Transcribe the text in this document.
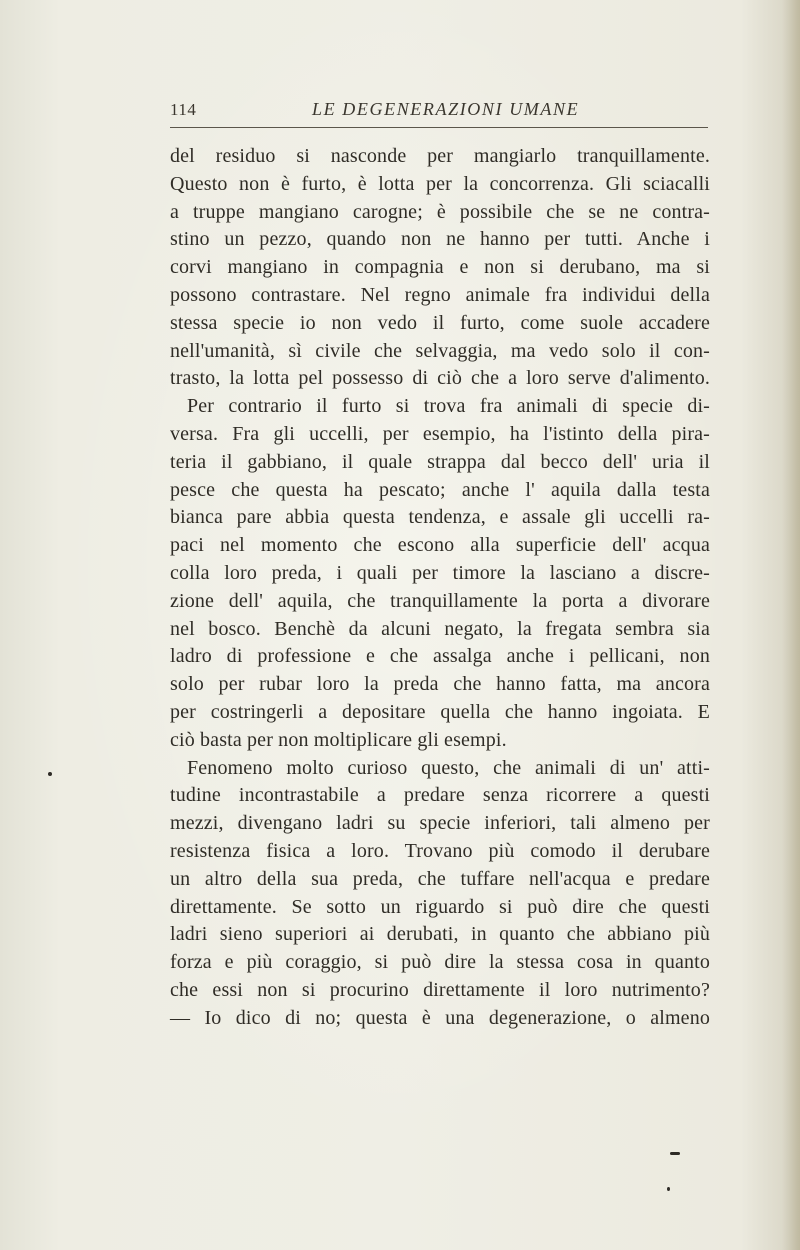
114	LE DEGENERAZIONI UMANE
del residuo si nasconde per mangiarlo tranquillamente.
Questo non è furto, è lotta per la concorrenza. Gli sciacalli
a truppe mangiano carogne; è possibile che se ne contra-
stino un pezzo, quando non ne hanno per tutti. Anche i
corvi mangiano in compagnia e non si derubano, ma si
possono contrastare. Nel regno animale fra individui della
stessa specie io non vedo il furto, come suole accadere
nell'umanità, sì civile che selvaggia, ma vedo solo il con-
trasto, la lotta pel possesso di ciò che a loro serve d'alimento.
Per contrario il furto si trova fra animali di specie di-
versa. Fra gli uccelli, per esempio, ha l'istinto della pira-
teria il gabbiano, il quale strappa dal becco dell' uria il
pesce che questa ha pescato; anche l' aquila dalla testa
bianca pare abbia questa tendenza, e assale gli uccelli ra-
paci nel momento che escono alla superficie dell' acqua
colla loro preda, i quali per timore la lasciano a discre-
zione dell' aquila, che tranquillamente la porta a divorare
nel bosco. Benchè da alcuni negato, la fregata sembra sia
ladro di professione e che assalga anche i pellicani, non
solo per rubar loro la preda che hanno fatta, ma ancora
per costringerli a depositare quella che hanno ingoiata. E
ciò basta per non moltiplicare gli esempi.
Fenomeno molto curioso questo, che animali di un' atti-
tudine incontrastabile a predare senza ricorrere a questi
mezzi, divengano ladri su specie inferiori, tali almeno per
resistenza fisica a loro. Trovano più comodo il derubare
un altro della sua preda, che tuffare nell'acqua e predare
direttamente. Se sotto un riguardo si può dire che questi
ladri sieno superiori ai derubati, in quanto che abbiano più
forza e più coraggio, si può dire la stessa cosa in quanto
che essi non si procurino direttamente il loro nutrimento?
— Io dico di no; questa è una degenerazione, o almeno
